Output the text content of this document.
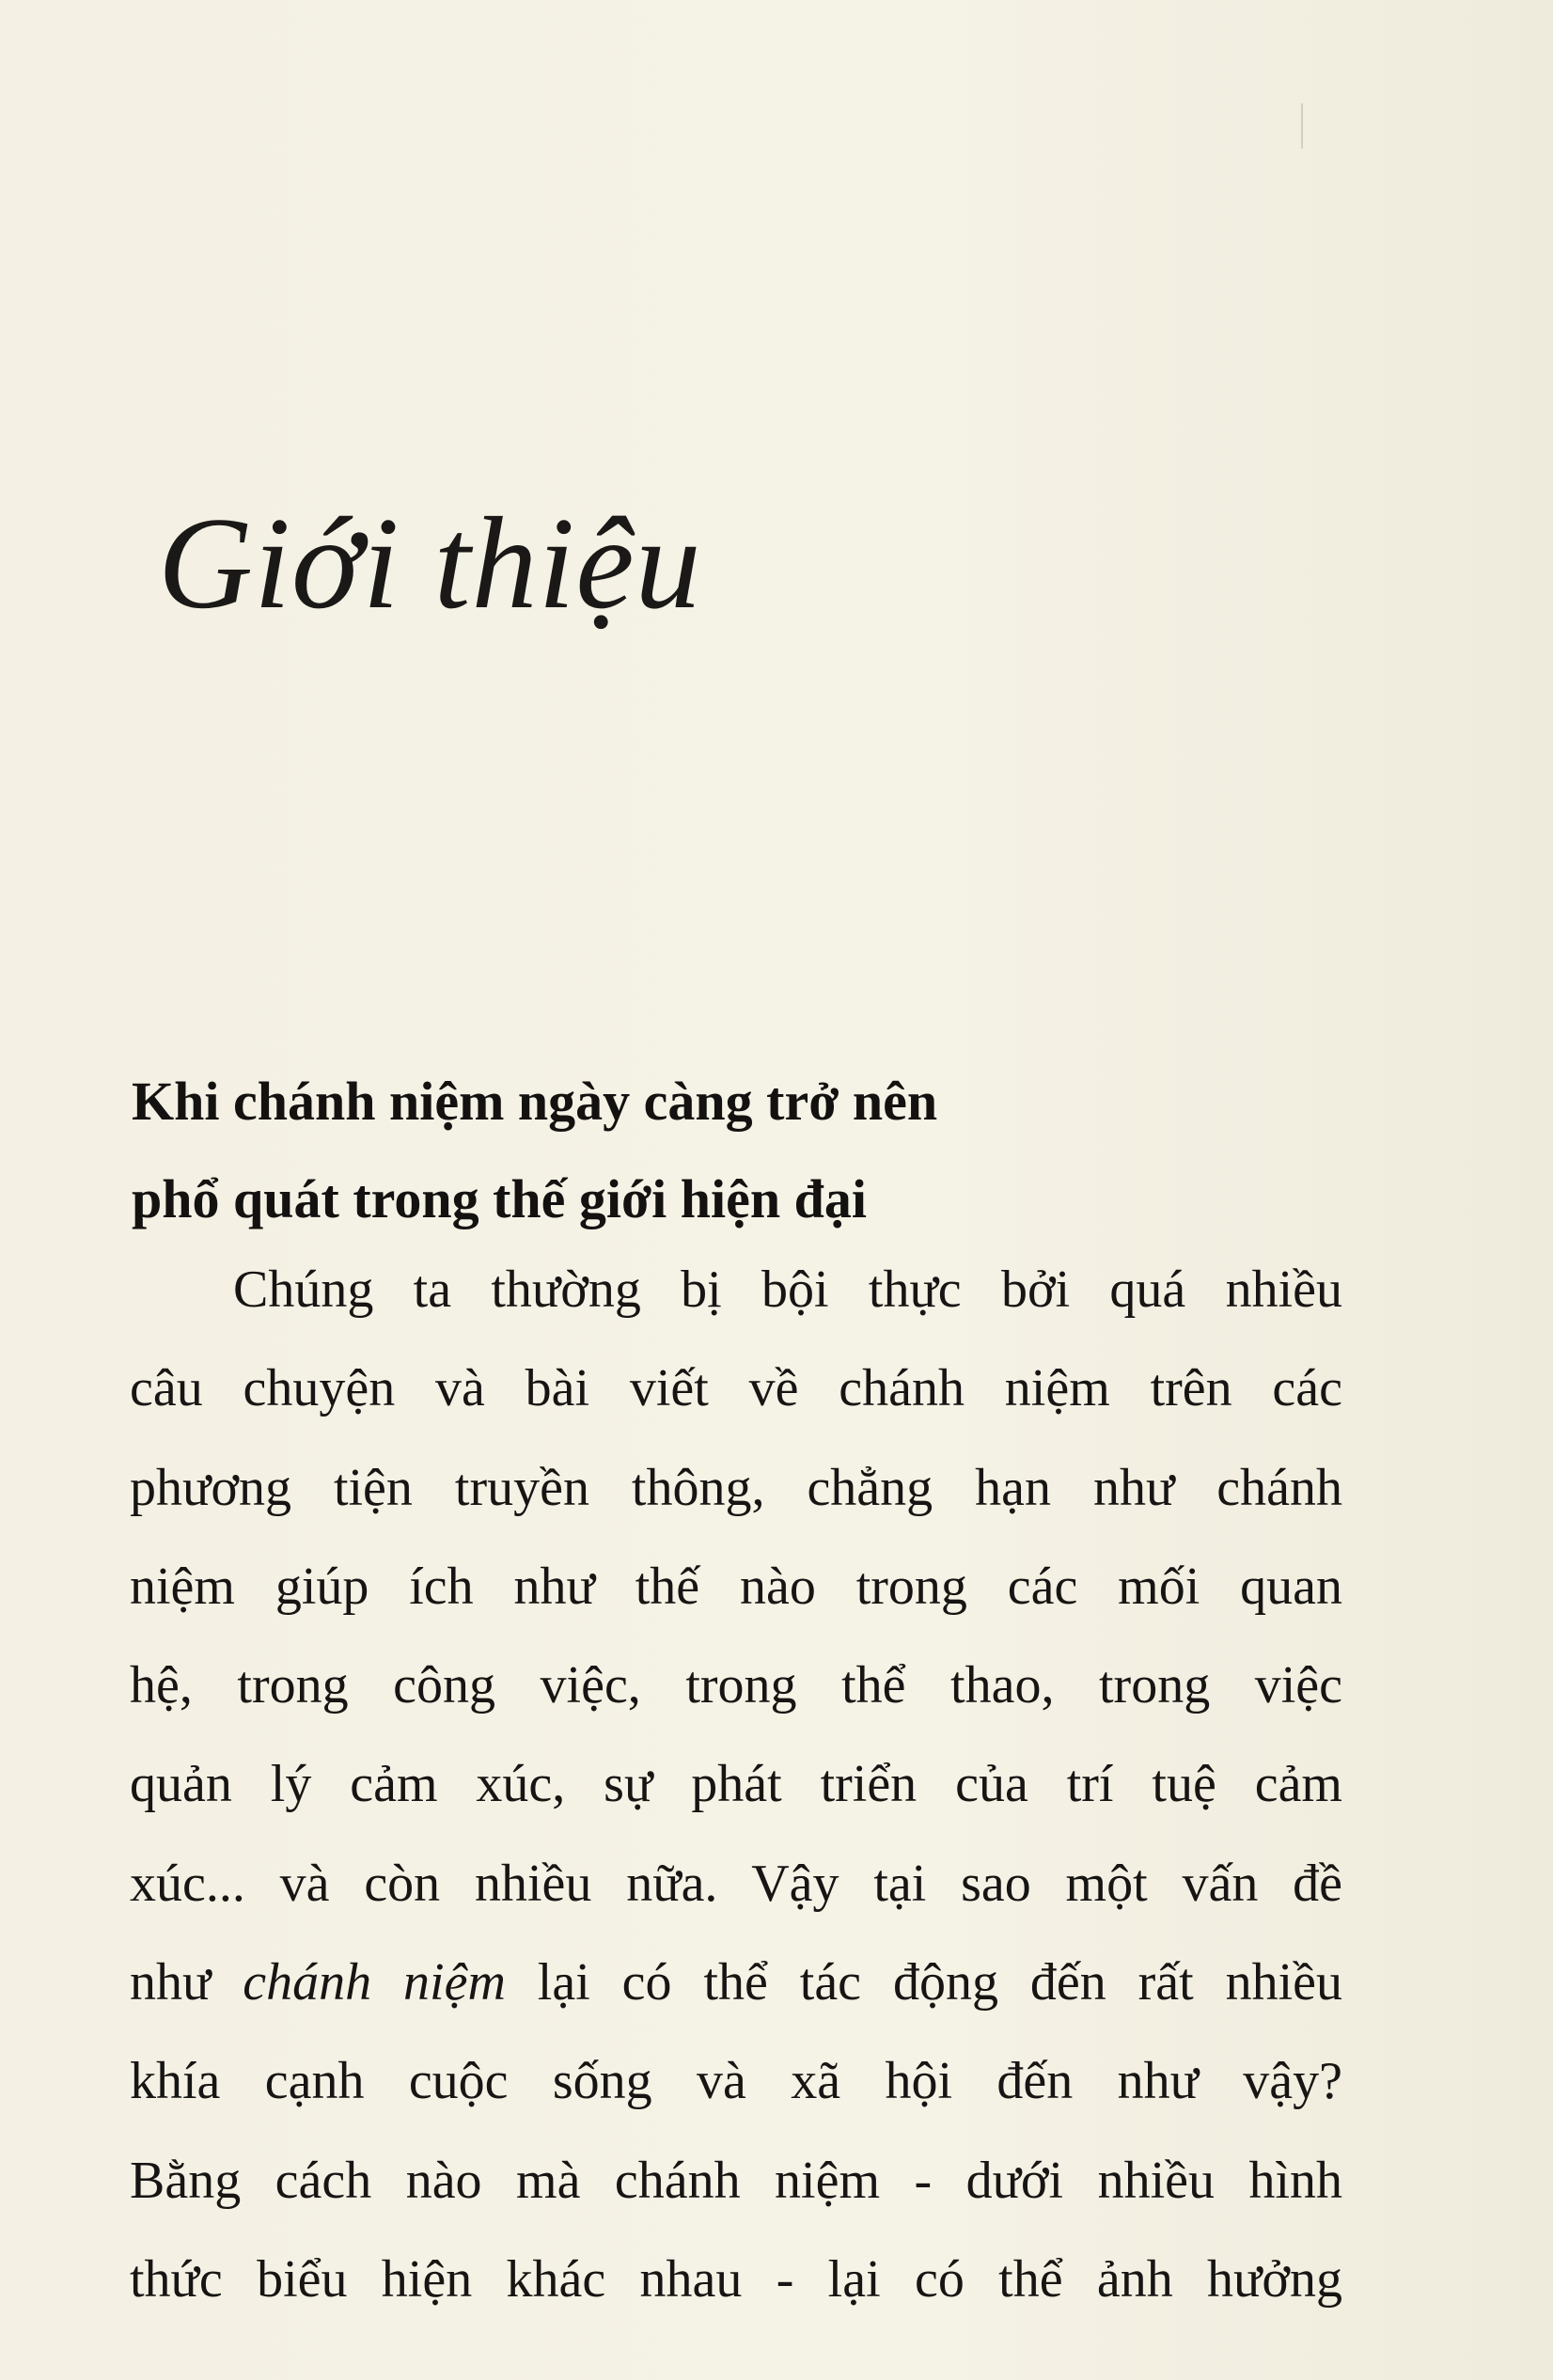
Giới thiệu
Khi chánh niệm ngày càng trở nên
phổ quát trong thế giới hiện đại
Chúng ta thường bị bội thực bởi quá nhiều
câu chuyện và bài viết về chánh niệm trên các
phương tiện truyền thông, chẳng hạn như chánh
niệm giúp ích như thế nào trong các mối quan
hệ, trong công việc, trong thể thao, trong việc
quản lý cảm xúc, sự phát triển của trí tuệ cảm
xúc... và còn nhiều nữa. Vậy tại sao một vấn đề
như chánh niệm lại có thể tác động đến rất nhiều
khía cạnh cuộc sống và xã hội đến như vậy?
Bằng cách nào mà chánh niệm - dưới nhiều hình
thức biểu hiện khác nhau - lại có thể ảnh hưởng
